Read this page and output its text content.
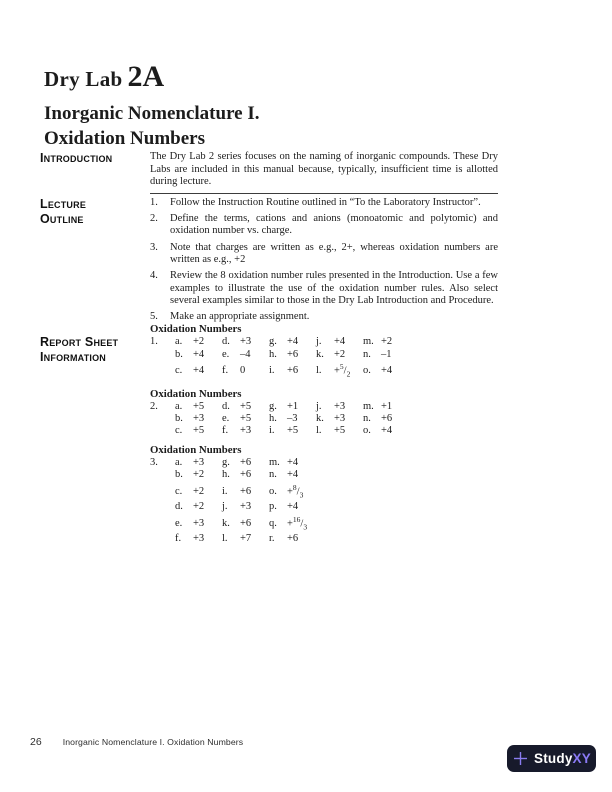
Dry Lab 2A
Inorganic Nomenclature I.
Oxidation Numbers
Introduction	The Dry Lab 2 series focuses on the naming of inorganic compounds. These Dry Labs are included in this manual because, typically, insufficient time is allotted during lecture.
Lecture
Outline
1.	Follow the Instruction Routine outlined in “To the Laboratory Instructor”.
2.	Define the terms, cations and anions (monoatomic and polytomic) and oxidation number vs. charge.
3.	Note that charges are written as e.g., 2+, whereas oxidation numbers are written as e.g., +2
4.	Review the 8 oxidation number rules presented in the Introduction. Use a few examples to illustrate the use of the oxidation number rules. Also select several examples similar to those in the Dry Lab Introduction and Procedure.
5.	Make an appropriate assignment.
Report Sheet
Information
Oxidation Numbers
1.	a.	+2	d. +3	g. +4	j.	+4	m. +2
b. +4	e.	–4	h. +6	k. +2	n. –1
c.	+4	f.	0	i.	+6	l.	$+^5/_2$	o. +4
Oxidation Numbers
2.	a.	+5	d. +5	g. +1	j.	+3	m. +1
b. +3	e.	+5	h. –3	k. +3	n. +6
c.	+5	f.	+3	i.	+5	l.	+5	o. +4
Oxidation Numbers
3.	a.	+3	g. +6	m. +4
b. +2	h. +6	n. +4
c.	+2	i.	+6	o. $+^8/_3$
d. +2	j.	+3	p. +4
e.	+3	k. +6	q. $+^{16}/_3$
f.	+3	l.	+7	r.	+6
26 Inorganic Nomenclature I. Oxidation Numbers
StudyXY
